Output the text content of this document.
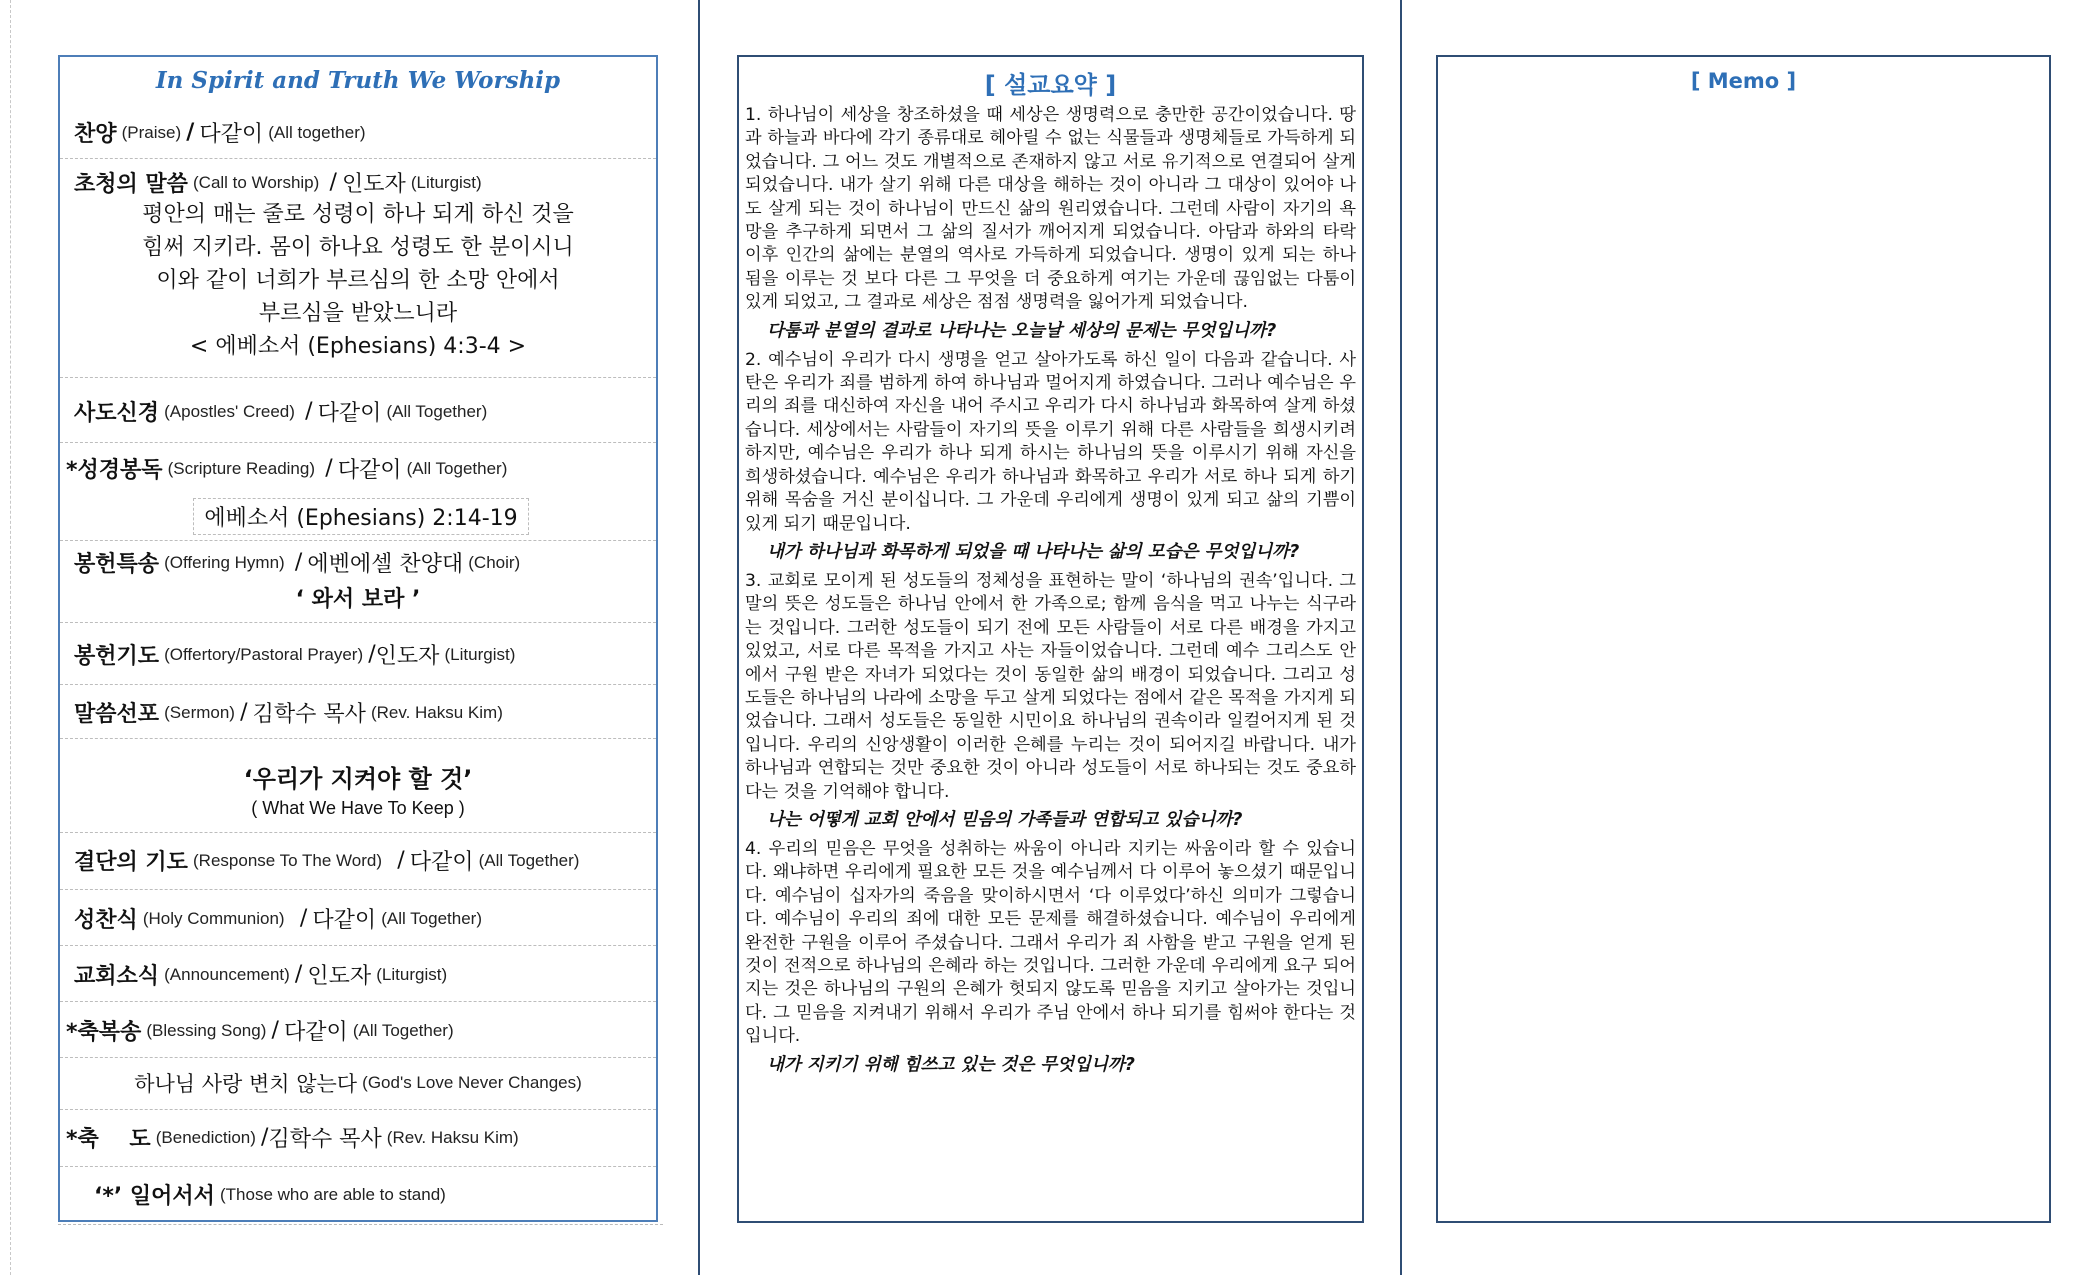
In Spirit and Truth We Worship
찬양
(Praise)
/
다같이
(All together)
초청의 말씀
(Call to Worship)
/
인도자
(Liturgist)
평안의 매는 줄로 성령이 하나 되게 하신 것을
힘써 지키라. 몸이 하나요 성령도 한 분이시니
이와 같이 너희가 부르심의 한 소망 안에서
부르심을 받았느니라
< 에베소서 (Ephesians) 4:3-4 >
사도신경
(Apostles' Creed)
/
다같이
(All Together)
*성경봉독
(Scripture Reading)
/
다같이
(All Together)
에베소서 (Ephesians) 2:14-19
봉헌특송
(Offering Hymn)
/
에벤에셀 찬양대
(Choir)
‘ 와서 보라 ’
봉헌기도
(Offertory/Pastoral Prayer)
/ 인도자
(Liturgist)
말씀선포
(Sermon)
/
김학수 목사
(Rev. Haksu Kim)
‘우리가 지켜야 할 것’
( What We Have To Keep )
결단의 기도
(Response To The Word)
/
다같이
(All Together)
성찬식
(Holy Communion)
/
다같이
(All Together)
교회소식
(Announcement)
/
인도자
(Liturgist)
*축복송
(Blessing Song)
/
다같이
(All Together)
하나님 사랑 변치 않는다
(God's Love Never Changes)
*축    도
(Benediction)
/ 김학수 목사
(Rev. Haksu Kim)
‘*’ 일어서서
(Those who are able to stand)
[ 설교요약 ]

1. 하나님이 세상을 창조하셨을 때 세상은 생명력으로 충만한 공간이었습니다. 땅과 하늘과 바다에 각기 종류대로 헤아릴 수 없는 식물들과 생명체들로 가득하게 되었습니다. 그 어느 것도 개별적으로 존재하지 않고 서로 유기적으로 연결되어 살게 되었습니다. 내가 살기 위해 다른 대상을 해하는 것이 아니라 그 대상이 있어야 나도 살게 되는 것이 하나님이 만드신 삶의 원리였습니다. 그런데 사람이 자기의 욕망을 추구하게 되면서 그 삶의 질서가 깨어지게 되었습니다. 아담과 하와의 타락 이후 인간의 삶에는 분열의 역사로 가득하게 되었습니다. 생명이 있게 되는 하나 됨을 이루는 것 보다 다른 그 무엇을 더 중요하게 여기는 가운데 끊임없는 다툼이 있게 되었고, 그 결과로 세상은 점점 생명력을 잃어가게 되었습니다.

다툼과 분열의 결과로 나타나는 오늘날 세상의 문제는 무엇입니까?

2. 예수님이 우리가 다시 생명을 얻고 살아가도록 하신 일이 다음과 같습니다. 사탄은 우리가 죄를 범하게 하여 하나님과 멀어지게 하였습니다. 그러나 예수님은 우리의 죄를 대신하여 자신을 내어 주시고 우리가 다시 하나님과 화목하여 살게 하셨습니다. 세상에서는 사람들이 자기의 뜻을 이루기 위해 다른 사람들을 희생시키려 하지만, 예수님은 우리가 하나 되게 하시는 하나님의 뜻을 이루시기 위해 자신을 희생하셨습니다. 예수님은 우리가 하나님과 화목하고 우리가 서로 하나 되게 하기 위해 목숨을 거신 분이십니다. 그 가운데 우리에게 생명이 있게 되고 삶의 기쁨이 있게 되기 때문입니다.

내가 하나님과 화목하게 되었을 때 나타나는 삶의 모습은 무엇입니까?

3. 교회로 모이게 된 성도들의 정체성을 표현하는 말이 ‘하나님의 권속’입니다. 그 말의 뜻은 성도들은 하나님 안에서 한 가족으로; 함께 음식을 먹고 나누는 식구라는 것입니다. 그러한 성도들이 되기 전에 모든 사람들이 서로 다른 배경을 가지고 있었고, 서로 다른 목적을 가지고 사는 자들이었습니다. 그런데 예수 그리스도 안에서 구원 받은 자녀가 되었다는 것이 동일한 삶의 배경이 되었습니다. 그리고 성도들은 하나님의 나라에 소망을 두고 살게 되었다는 점에서 같은 목적을 가지게 되었습니다. 그래서 성도들은 동일한 시민이요 하나님의 권속이라 일컬어지게 된 것입니다. 우리의 신앙생활이 이러한 은혜를 누리는 것이 되어지길 바랍니다. 내가 하나님과 연합되는 것만 중요한 것이 아니라 성도들이 서로 하나되는 것도 중요하다는 것을 기억해야 합니다.

나는 어떻게 교회 안에서 믿음의 가족들과 연합되고 있습니까?

4. 우리의 믿음은 무엇을 성취하는 싸움이 아니라 지키는 싸움이라 할 수 있습니다. 왜냐하면 우리에게 필요한 모든 것을 예수님께서 다 이루어 놓으셨기 때문입니다. 예수님이 십자가의 죽음을 맞이하시면서 ‘다 이루었다’하신 의미가 그렇습니다. 예수님이 우리의 죄에 대한 모든 문제를 해결하셨습니다. 예수님이 우리에게 완전한 구원을 이루어 주셨습니다. 그래서 우리가 죄 사함을 받고 구원을 얻게 된 것이 전적으로 하나님의 은혜라 하는 것입니다. 그러한 가운데 우리에게 요구 되어지는 것은 하나님의 구원의 은혜가 헛되지 않도록 믿음을 지키고 살아가는 것입니다. 그 믿음을 지켜내기 위해서 우리가 주님 안에서 하나 되기를 힘써야 한다는 것입니다.

내가 지키기 위해 힘쓰고 있는 것은 무엇입니까?
[ Memo ]
